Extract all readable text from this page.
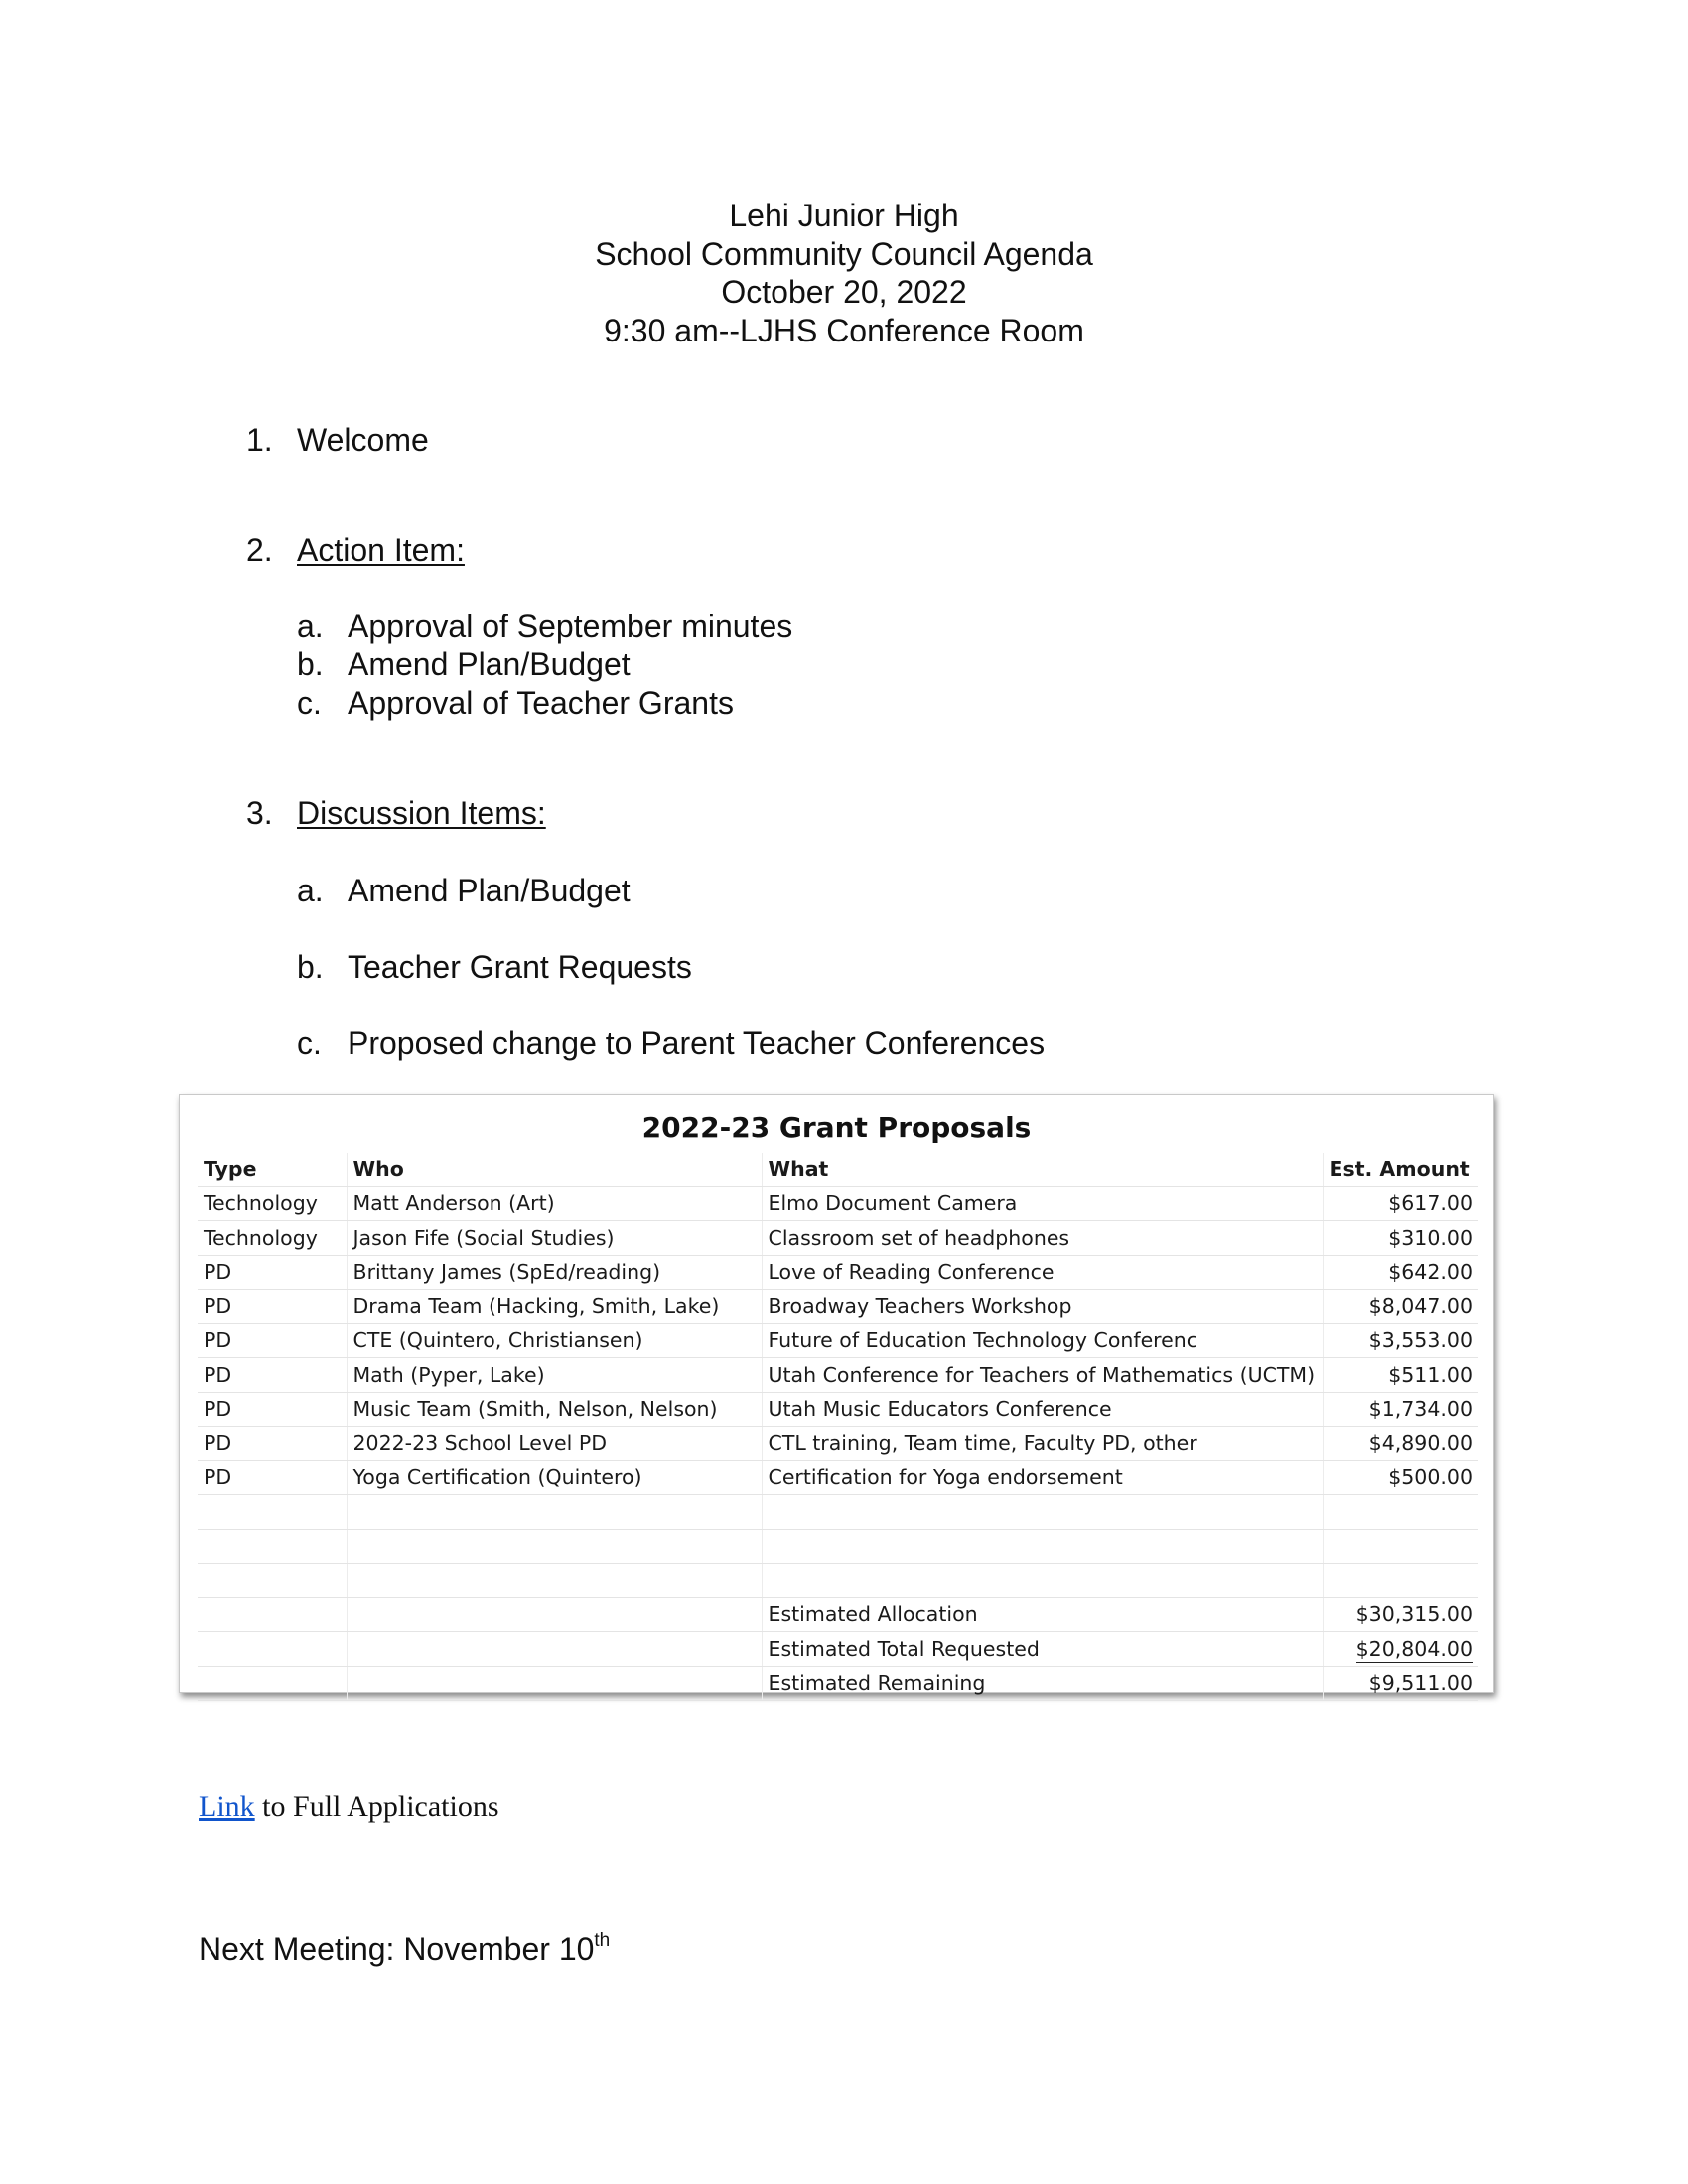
Lehi Junior High
School Community Council Agenda
October 20, 2022
9:30 am--LJHS Conference Room
1. Welcome
2. Action Item:
a. Approval of September minutes
b. Amend Plan/Budget
c. Approval of Teacher Grants
3. Discussion Items:
a. Amend Plan/Budget
b. Teacher Grant Requests
c. Proposed change to Parent Teacher Conferences
2022-23 Grant Proposals
Type	Who	What	Est. Amount
Technology	Matt Anderson (Art)	Elmo Document Camera	$617.00
Technology	Jason Fife (Social Studies)	Classroom set of headphones	$310.00
PD	Brittany James (SpEd/reading)	Love of Reading Conference	$642.00
PD	Drama Team (Hacking, Smith, Lake)	Broadway Teachers Workshop	$8,047.00
PD	CTE (Quintero, Christiansen)	Future of Education Technology Conferenc	$3,553.00
PD	Math (Pyper, Lake)	Utah Conference for Teachers of Mathematics (UCTM)	$511.00
PD	Music Team (Smith, Nelson, Nelson)	Utah Music Educators Conference	$1,734.00
PD	2022-23 School Level PD	CTL training, Team time, Faculty PD, other	$4,890.00
PD	Yoga Certification (Quintero)	Certification for Yoga endorsement	$500.00

		Estimated Allocation	$30,315.00
		Estimated Total Requested	$20,804.00
		Estimated Remaining	$9,511.00
Link to Full Applications
Next Meeting: November 10th
